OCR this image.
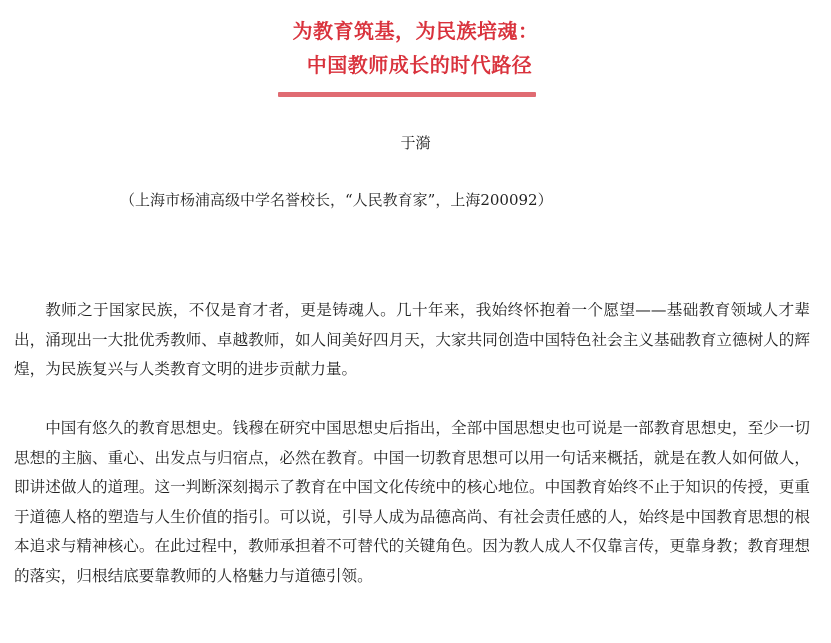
为教育筑基，为民族培魂：
中国教师成长的时代路径
于漪
（上海市杨浦高级中学名誉校长，“人民教育家”，上海200092）

教师之于国家民族，不仅是育才者，更是铸魂人。几十年来，我始终怀抱着一个愿望——基础教育领域人才辈出，涌现出一大批优秀教师、卓越教师，如人间美好四月天，大家共同创造中国特色社会主义基础教育立德树人的辉煌，为民族复兴与人类教育文明的进步贡献力量。

中国有悠久的教育思想史。钱穆在研究中国思想史后指出，全部中国思想史也可说是一部教育思想史，至少一切思想的主脑、重心、出发点与归宿点，必然在教育。中国一切教育思想可以用一句话来概括，就是在教人如何做人，即讲述做人的道理。这一判断深刻揭示了教育在中国文化传统中的核心地位。中国教育始终不止于知识的传授，更重于道德人格的塑造与人生价值的指引。可以说，引导人成为品德高尚、有社会责任感的人，始终是中国教育思想的根本追求与精神核心。在此过程中，教师承担着不可替代的关键角色。因为教人成人不仅靠言传，更靠身教；教育理想的落实，归根结底要靠教师的人格魅力与道德引领。
